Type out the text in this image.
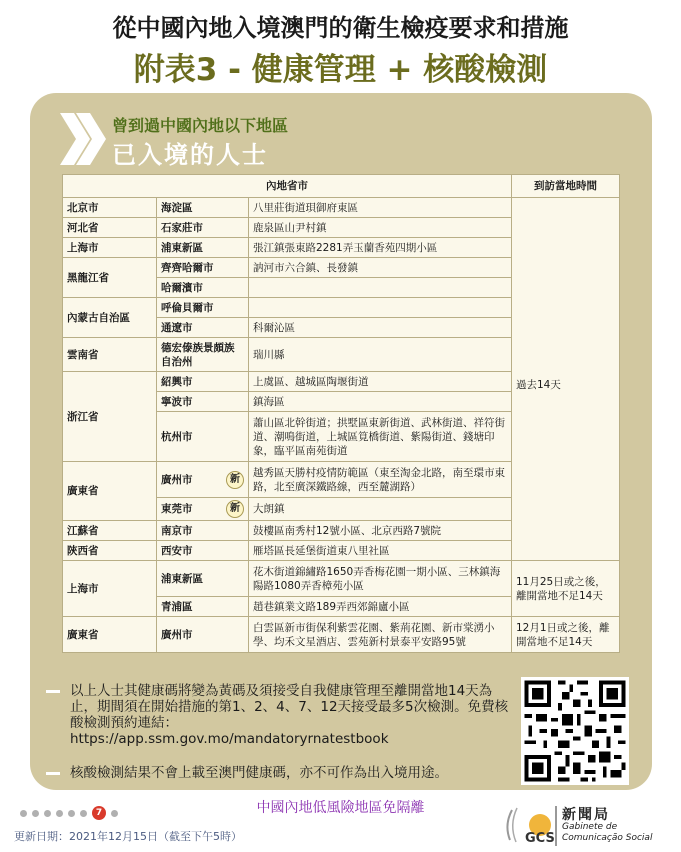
從中國內地入境澳門的衛生檢疫要求和措施
附表3 - 健康管理 + 核酸檢測
曾到過中國內地以下地區
已入境的人士
內地省市			到訪當地時間
北京市	海淀區	八里莊街道珼御府東區	過去14天
河北省	石家莊市	鹿泉區山尹村鎮	
上海市	浦東新區	張江鎮張東路2281弄玉蘭香苑四期小區	
黑龍江省	齊齊哈爾市	訥河市六合鎮、長發鎮	
	哈爾濱市		
內蒙古自治區	呼倫貝爾市		
	通遼市	科爾沁區	
雲南省	德宏傣族景頗族自治州	瑞川縣	
浙江省	紹興市	上虞區、越城區陶堰街道	
	寧波市	鎮海區	
	杭州市	蕭山區北幹街道；拱墅區東新街道、武林街道、祥符街道、潮鳴街道，上城區筧橋街道、紫陽街道、錢塘印象，臨平區南苑街道	
廣東省	廣州市 新	越秀區天勝村疫情防範區（東至淘金北路，南至環市東路，北至廣深鐵路線，西至麓湖路）	

	東莞市 新	大朗鎮	
江蘇省	南京市	鼓樓區南秀村12號小區、北京西路7號院	
陝西省	西安市	雁塔區長延堡街道東八里社區	
上海市	浦東新區	花木街道錦繡路1650弄香梅花園一期小區、三林鎮海陽路1080弄香樟苑小區	11月25日或之後，離開當地不足14天
	青浦區	趙巷鎮業文路189弄西郊錦廬小區	
廣東省	廣州市	白雲區新市街保利紫雲花園、紫荊花園、新市棠湧小學、均禾文星酒店、雲苑新村景泰平安路95號	12月1日或之後，離開當地不足14天
以上人士其健康碼將變為黃碼及須接受自我健康管理至離開當地14天為止，期間須在開始措施的第1、2、4、7、12天接受最多5次檢測。免費核酸檢測預約連結：
https://app.ssm.gov.mo/mandatoryrnatestbook
核酸檢測結果不會上載至澳門健康碼，亦不可作為出入境用途。
中國內地低風險地區免隔離
7
更新日期：2021年12月15日（截至下午5時）	GCS
新聞局
Gabinete de
Comunicação Social
